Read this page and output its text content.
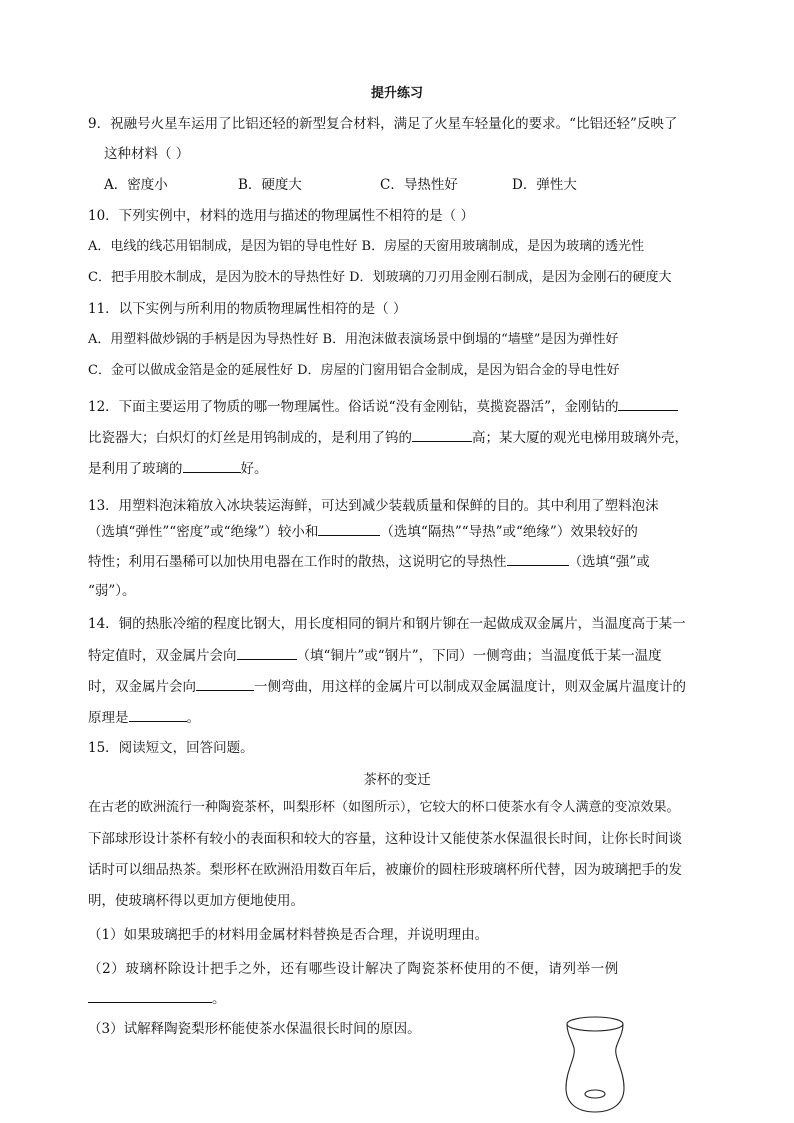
提升练习
9．祝融号火星车运用了比铝还轻的新型复合材料，满足了火星车轻量化的要求。“比铝还轻”反映了
这种材料（ ）
A．密度小	B．硬度大	C．导热性好	D．弹性大
10．下列实例中，材料的选用与描述的物理属性不相符的是（ ）
A．电线的线芯用铝制成，是因为铝的导电性好 B．房屋的天窗用玻璃制成，是因为玻璃的透光性
C．把手用胶木制成，是因为胶木的导热性好 D．划玻璃的刀刃用金刚石制成，是因为金刚石的硬度大
11．以下实例与所利用的物质物理属性相符的是（ ）
A．用塑料做炒锅的手柄是因为导热性好 B．用泡沫做表演场景中倒塌的“墙壁”是因为弹性好
C．金可以做成金箔是金的延展性好 D．房屋的门窗用铝合金制成，是因为铝合金的导电性好
12．下面主要运用了物质的哪一物理属性。俗话说“没有金刚钻，莫揽瓷器活”，金刚钻的
比瓷器大；白炽灯的灯丝是用钨制成的，是利用了钨的	高；某大厦的观光电梯用玻璃外壳，
是利用了玻璃的	好。
13．用塑料泡沫箱放入冰块装运海鲜，可达到减少装载质量和保鲜的目的。其中利用了塑料泡沫
（选填“弹性”“密度”或“绝缘”）较小和	（选填“隔热”“导热”或“绝缘”）效果较好的
特性；利用石墨稀可以加快用电器在工作时的散热，这说明它的导热性	（选填“强”或
“弱”）。
14．铜的热胀冷缩的程度比钢大，用长度相同的铜片和钢片铆在一起做成双金属片，当温度高于某一
特定值时，双金属片会向	（填“铜片”或“钢片”，下同）一侧弯曲；当温度低于某一温度
时，双金属片会向	一侧弯曲，用这样的金属片可以制成双金属温度计，则双金属片温度计的
原理是	。
15．阅读短文，回答问题。
茶杯的变迁
在古老的欧洲流行一种陶瓷茶杯，叫梨形杯（如图所示），它较大的杯口使茶水有令人满意的变凉效果。
下部球形设计茶杯有较小的表面积和较大的容量，这种设计又能使茶水保温很长时间，让你长时间谈
话时可以细品热茶。梨形杯在欧洲沿用数百年后，被廉价的圆柱形玻璃杯所代替，因为玻璃把手的发
明，使玻璃杯得以更加方便地使用。
（1）如果玻璃把手的材料用金属材料替换是否合理，并说明理由。
（2）玻璃杯除设计把手之外，还有哪些设计解决了陶瓷茶杯使用的不便，请列举一例
。
（3）试解释陶瓷梨形杯能使茶水保温很长时间的原因。
